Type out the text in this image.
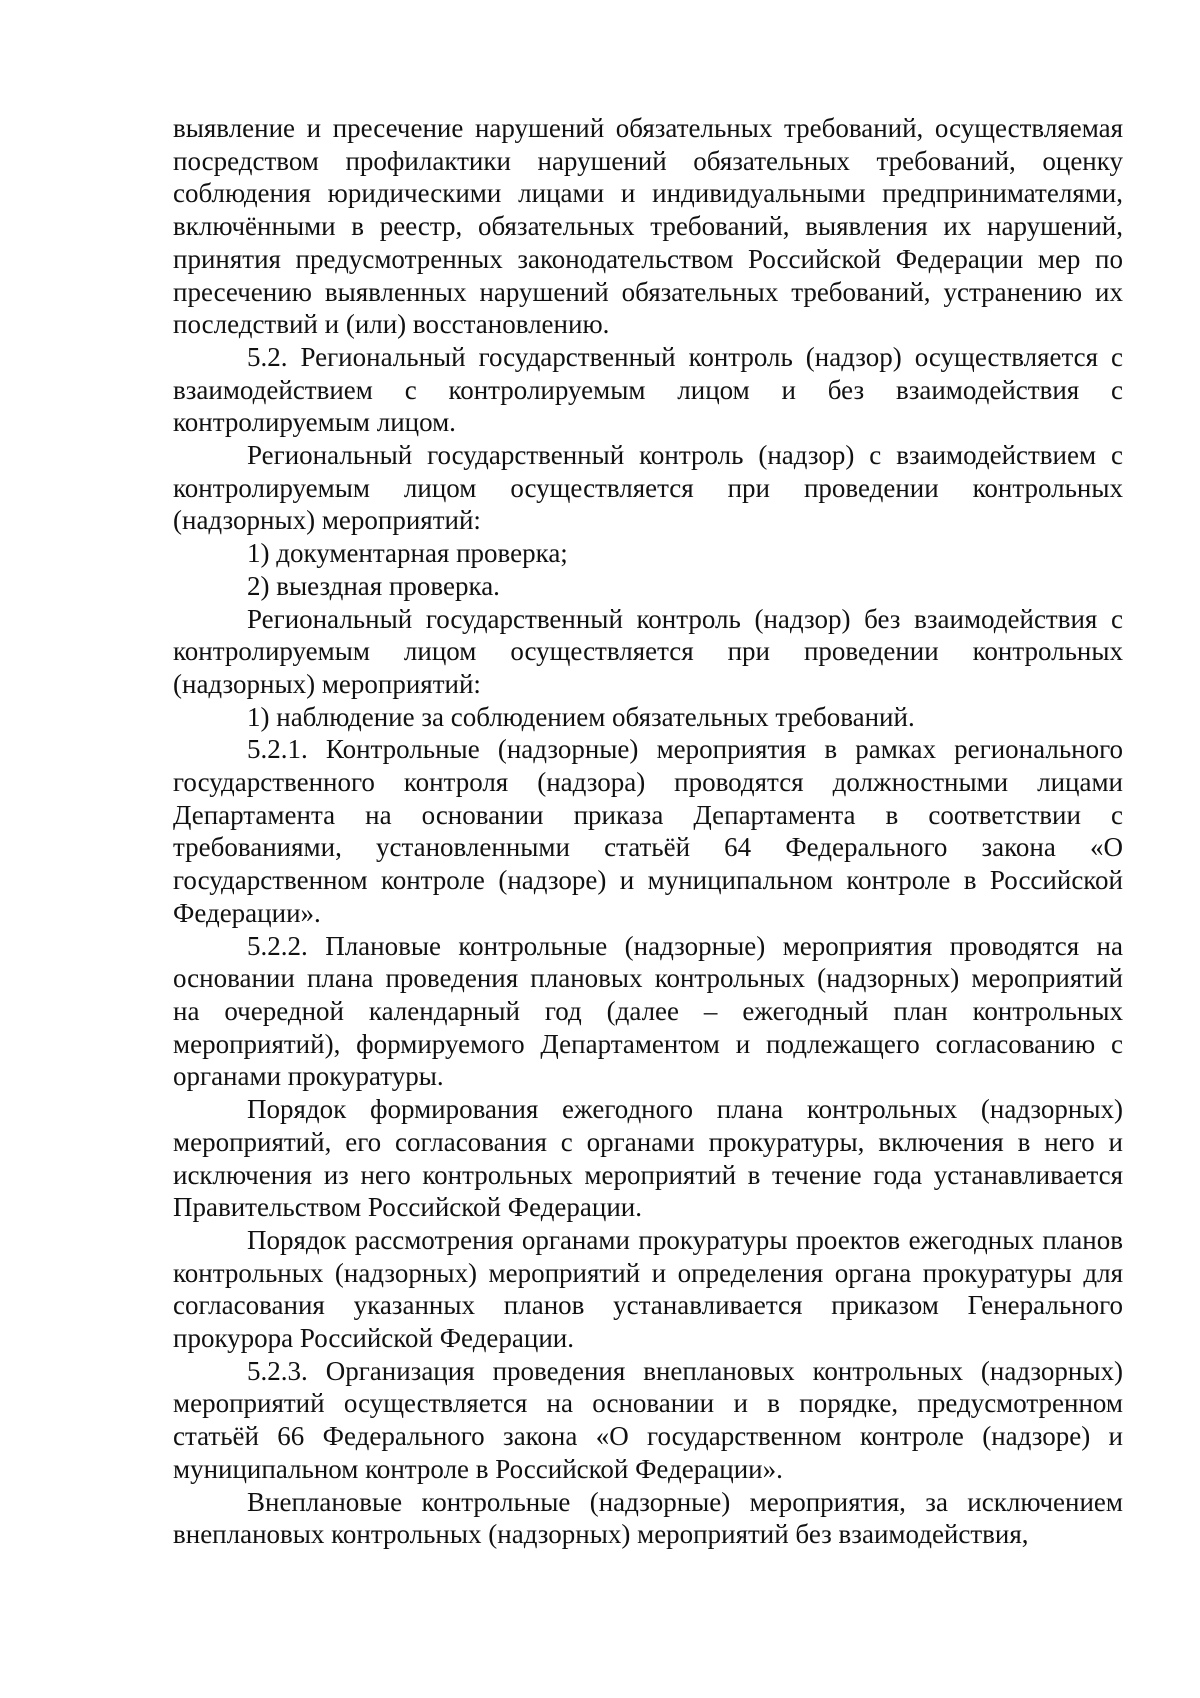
выявление и пресечение нарушений обязательных требований, осуществляемая посредством профилактики нарушений обязательных требований, оценку соблюдения юридическими лицами и индивидуальными предпринимателями, включёнными в реестр, обязательных требований, выявления их нарушений, принятия предусмотренных законодательством Российской Федерации мер по пресечению выявленных нарушений обязательных требований, устранению их последствий и (или) восстановлению.

5.2. Региональный государственный контроль (надзор) осуществляется с взаимодействием с контролируемым лицом и без взаимодействия с контролируемым лицом.

Региональный государственный контроль (надзор) с взаимодействием с контролируемым лицом осуществляется при проведении контрольных (надзорных) мероприятий:

1) документарная проверка;

2) выездная проверка.

Региональный государственный контроль (надзор) без взаимодействия с контролируемым лицом осуществляется при проведении контрольных (надзорных) мероприятий:

1) наблюдение за соблюдением обязательных требований.

5.2.1. Контрольные (надзорные) мероприятия в рамках регионального государственного контроля (надзора) проводятся должностными лицами Департамента на основании приказа Департамента в соответствии с требованиями, установленными статьёй 64 Федерального закона «О государственном контроле (надзоре) и муниципальном контроле в Российской Федерации».

5.2.2. Плановые контрольные (надзорные) мероприятия проводятся на основании плана проведения плановых контрольных (надзорных) мероприятий на очередной календарный год (далее – ежегодный план контрольных мероприятий), формируемого Департаментом и подлежащего согласованию с органами прокуратуры.

Порядок формирования ежегодного плана контрольных (надзорных) мероприятий, его согласования с органами прокуратуры, включения в него и исключения из него контрольных мероприятий в течение года устанавливается Правительством Российской Федерации.

Порядок рассмотрения органами прокуратуры проектов ежегодных планов контрольных (надзорных) мероприятий и определения органа прокуратуры для согласования указанных планов устанавливается приказом Генерального прокурора Российской Федерации.

5.2.3. Организация проведения внеплановых контрольных (надзорных) мероприятий осуществляется на основании и в порядке, предусмотренном статьёй 66 Федерального закона «О государственном контроле (надзоре) и муниципальном контроле в Российской Федерации».

Внеплановые контрольные (надзорные) мероприятия, за исключением внеплановых контрольных (надзорных) мероприятий без взаимодействия,
